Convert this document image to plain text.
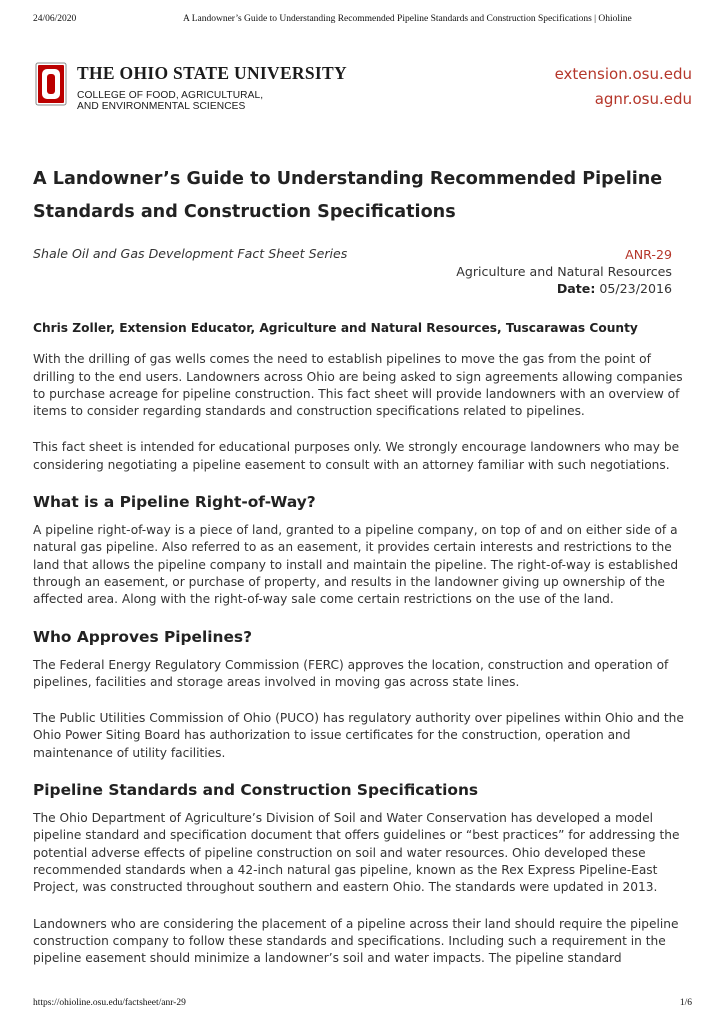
24/06/2020	A Landowner’s Guide to Understanding Recommended Pipeline Standards and Construction Specifications | Ohioline
THE OHIO STATE UNIVERSITY
COLLEGE OF FOOD, AGRICULTURAL,
AND ENVIRONMENTAL SCIENCES
extension.osu.edu
agnr.osu.edu
A Landowner’s Guide to Understanding Recommended Pipeline Standards and Construction Specifications
Shale Oil and Gas Development Fact Sheet Series	ANR-29
Agriculture and Natural Resources
Date: 05/23/2016

Chris Zoller, Extension Educator, Agriculture and Natural Resources, Tuscarawas County

With the drilling of gas wells comes the need to establish pipelines to move the gas from the point of drilling to the end users. Landowners across Ohio are being asked to sign agreements allowing companies to purchase acreage for pipeline construction. This fact sheet will provide landowners with an overview of items to consider regarding standards and construction specifications related to pipelines.

This fact sheet is intended for educational purposes only. We strongly encourage landowners who may be considering negotiating a pipeline easement to consult with an attorney familiar with such negotiations.

What is a Pipeline Right-of-Way?

A pipeline right-of-way is a piece of land, granted to a pipeline company, on top of and on either side of a natural gas pipeline. Also referred to as an easement, it provides certain interests and restrictions to the land that allows the pipeline company to install and maintain the pipeline. The right-of-way is established through an easement, or purchase of property, and results in the landowner giving up ownership of the affected area. Along with the right-of-way sale come certain restrictions on the use of the land.

Who Approves Pipelines?

The Federal Energy Regulatory Commission (FERC) approves the location, construction and operation of pipelines, facilities and storage areas involved in moving gas across state lines.

The Public Utilities Commission of Ohio (PUCO) has regulatory authority over pipelines within Ohio and the Ohio Power Siting Board has authorization to issue certificates for the construction, operation and maintenance of utility facilities.

Pipeline Standards and Construction Specifications

The Ohio Department of Agriculture’s Division of Soil and Water Conservation has developed a model pipeline standard and specification document that offers guidelines or “best practices” for addressing the potential adverse effects of pipeline construction on soil and water resources. Ohio developed these recommended standards when a 42-inch natural gas pipeline, known as the Rex Express Pipeline-East Project, was constructed throughout southern and eastern Ohio. The standards were updated in 2013.

Landowners who are considering the placement of a pipeline across their land should require the pipeline construction company to follow these standards and specifications. Including such a requirement in the pipeline easement should minimize a landowner’s soil and water impacts. The pipeline standard

https://ohioline.osu.edu/factsheet/anr-29	1/6
